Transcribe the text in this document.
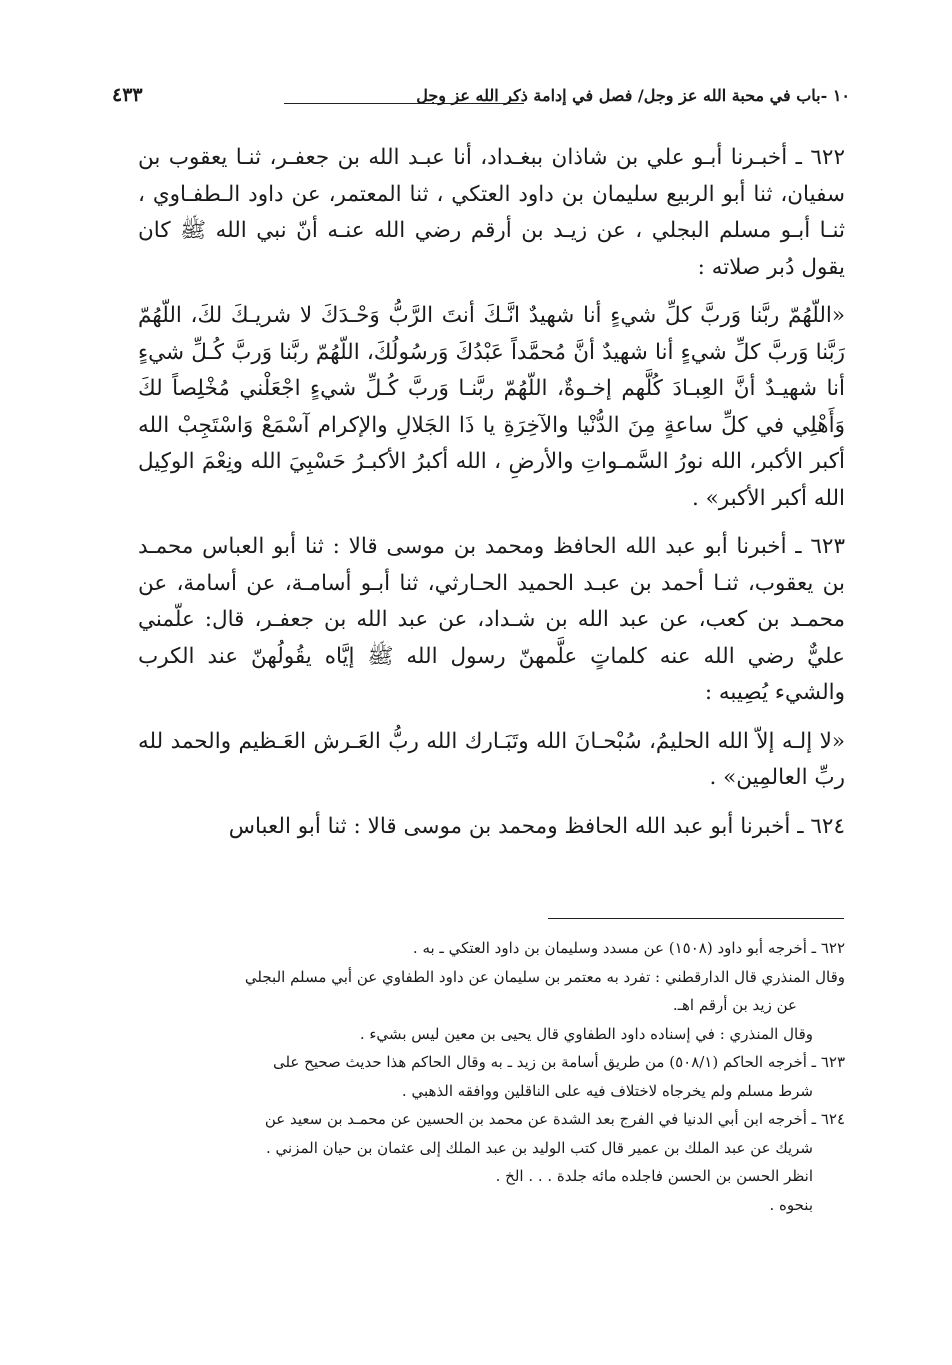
١٠ -باب في محبة الله عز وجل/ فصل في إدامة ذكر الله عز وجل
٤٣٣

٦٢٢ ـ أخبـرنا أبـو علي بن شاذان ببغـداد، أنا عبـد الله بن جعفـر، ثنـا يعقوب بن سفيان، ثنا أبو الربيع سليمان بن داود العتكي ، ثنا المعتمر، عن داود الـطفـاوي ، ثنـا أبـو مسلم البجلي ، عن زيـد بن أرقم رضي الله عنـه أنّ نبي الله ﷺ كان يقول دُبر صلاته :

«اللّهُمّ ربَّنا وَربَّ كلِّ شيءٍ أنا شهيدٌ انَّـكَ أنتَ الرَّبُّ وَحْـدَكَ لا شريـكَ لكَ، اللّهُمّ رَبَّنا وَربَّ كلِّ شيءٍ أنا شهيدٌ أنَّ مُحمَّداً عَبْدُكَ وَرسُولُكَ، اللّهُمّ ربَّنا وَربَّ كُـلِّ شيءٍ أنا شهيـدٌ أنَّ العِبـادَ كُلَّهم إخـوةٌ، اللّهُمّ ربَّنـا وَربَّ كُـلِّ شيءٍ اجْعَلْني مُخْلِصاً لكَ وَأَهْلِي في كلِّ ساعةٍ مِنَ الدُّنْيا والآخِرَةِ يا ذَا الجَلالِ والإكرام آسْمَعْ وَاسْتَجِبْ الله أكبر الأكبر، الله نورُ السَّمـواتِ والأرضِ ، الله أكبرُ الأكبـرُ حَسْبِيَ الله ونِعْمَ الوكِيل الله أكبر الأكبر» .

٦٢٣ ـ أخبرنا أبو عبد الله الحافظ ومحمد بن موسى قالا : ثنا أبو العباس محمـد بن يعقوب، ثنـا أحمد بن عبـد الحميد الحـارثي، ثنا أبـو أسامـة، عن أسامة، عن محمـد بن كعب، عن عبد الله بن شـداد، عن عبد الله بن جعفـر، قال: علّمني عليٌّ رضي الله عنه كلماتٍ علَّمهنّ رسول الله ﷺ إيَّاه يقُولُهنّ عند الكرب والشيء يُصِيبه :

«لا إلـه إلاّ الله الحليمُ، سُبْحـانَ الله وتَبَـارك الله ربُّ العَـرش العَـظيم والحمد لله ربِّ العالمِين» .

٦٢٤ ـ أخبرنا أبو عبد الله الحافظ ومحمد بن موسى قالا : ثنا أبو العباس

٦٢٢ ـ أخرجه أبو داود (١٥٠٨) عن مسدد وسليمان بن داود العتكي ـ به .
وقال المنذري قال الدارقطني : تفرد به معتمر بن سليمان عن داود الطفاوي عن أبي مسلم البجلي
عن زيد بن أرقم اهـ.
وقال المنذري : في إسناده داود الطفاوي قال يحيى بن معين ليس بشيء .
٦٢٣ ـ أخرجه الحاكم (٥٠٨/١) من طريق أسامة بن زيد ـ به وقال الحاكم هذا حديث صحيح على
شرط مسلم ولم يخرجاه لاختلاف فيه على الناقلين ووافقه الذهبي .
٦٢٤ ـ أخرجه ابن أبي الدنيا في الفرج بعد الشدة عن محمد بن الحسين عن محمـد بن سعيد عن
شريك عن عبد الملك بن عمير قال كتب الوليد بن عبد الملك إلى عثمان بن حيان المزني .
انظر الحسن بن الحسن فاجلده مائه جلدة . . . الخ .
بنحوه .
